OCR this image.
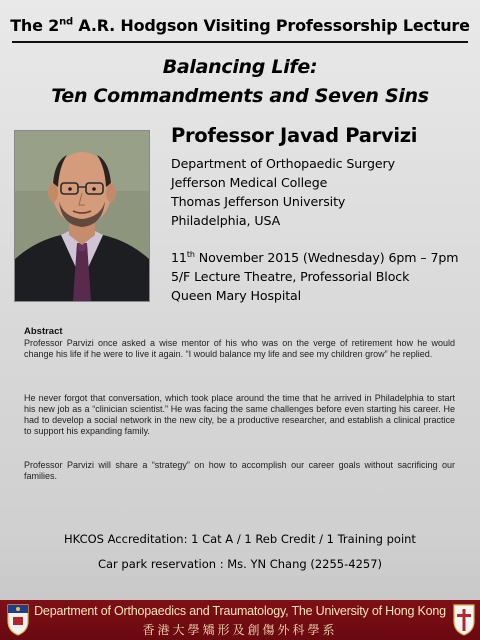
The 2nd A.R. Hodgson Visiting Professorship Lecture
Balancing Life:
Ten Commandments and Seven Sins
Professor Javad Parvizi
Department of Orthopaedic Surgery
Jefferson Medical College
Thomas Jefferson University
Philadelphia, USA
11th November 2015 (Wednesday) 6pm – 7pm
5/F Lecture Theatre, Professorial Block
Queen Mary Hospital
Abstract
Professor Parvizi once asked a wise mentor of his who was on the verge of retirement how he would change his life if he were to live it again. “I would balance my life and see my children grow” he replied.
He never forgot that conversation, which took place around the time that he arrived in Philadelphia to start his new job as a “clinician scientist.” He was facing the same challenges before even starting his career. He had to develop a social network in the new city, be a productive researcher, and establish a clinical practice to support his expanding family.
Professor Parvizi will share a “strategy” on how to accomplish our career goals without sacrificing our families.
HKCOS Accreditation: 1 Cat A / 1 Reb Credit / 1 Training point
Car park reservation : Ms. YN Chang (2255-4257)
Department of Orthopaedics and Traumatology, The University of Hong Kong
香港大學矯形及創傷外科學系
